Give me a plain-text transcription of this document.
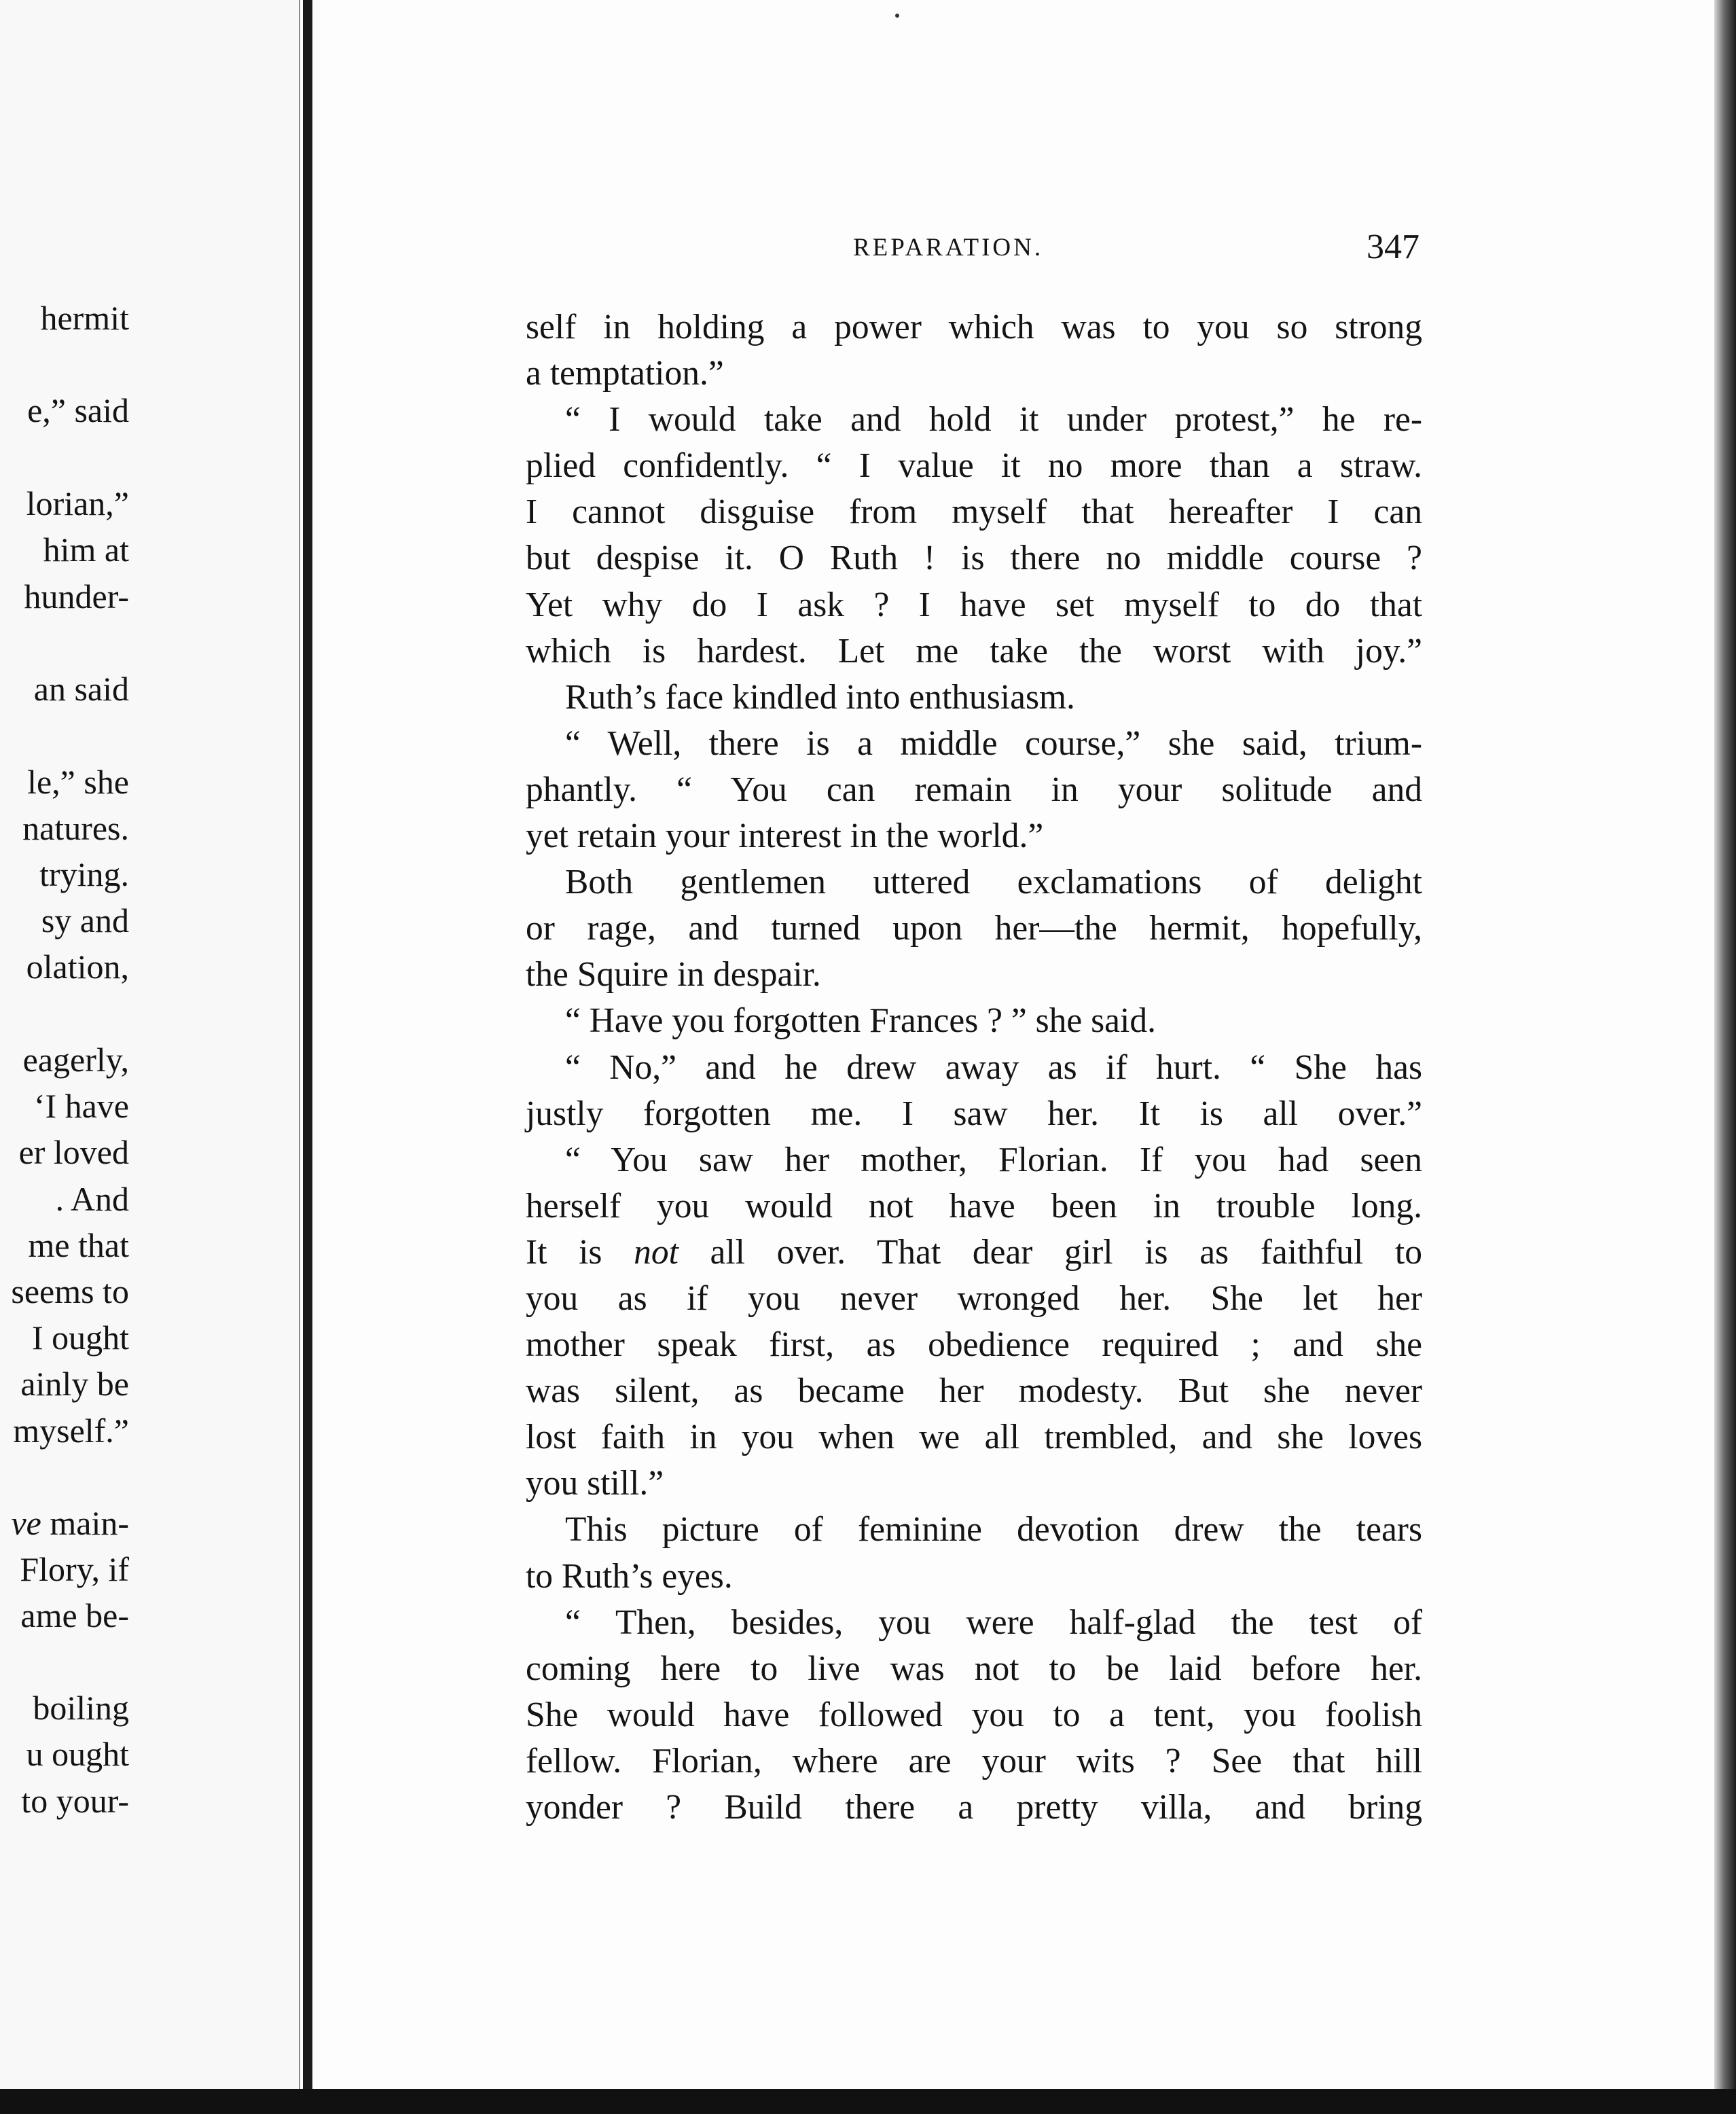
hermit
e,” said
lorian,”
him at
hunder-
an said
le,” she
natures.
trying.
sy and
olation,
eagerly,
‘I have
er loved
. And
me that
seems to
I ought
ainly be
myself.”
ve main-
Flory, if
ame be-
boiling
u ought
to your-
REPARATION.	347
self in holding a power which was to you so strong
a temptation.”
“ I would take and hold it under protest,” he re-
plied confidently. “ I value it no more than a straw.
I cannot disguise from myself that hereafter I can
but despise it. O Ruth ! is there no middle course ?
Yet why do I ask ? I have set myself to do that
which is hardest. Let me take the worst with joy.”
Ruth’s face kindled into enthusiasm.
“ Well, there is a middle course,” she said, trium-
phantly. “ You can remain in your solitude and
yet retain your interest in the world.”
Both gentlemen uttered exclamations of delight
or rage, and turned upon her—the hermit, hopefully,
the Squire in despair.
“ Have you forgotten Frances ? ” she said.
“ No,” and he drew away as if hurt. “ She has
justly forgotten me. I saw her. It is all over.”
“ You saw her mother, Florian. If you had seen
herself you would not have been in trouble long.
It is not all over. That dear girl is as faithful to
you as if you never wronged her. She let her
mother speak first, as obedience required ; and she
was silent, as became her modesty. But she never
lost faith in you when we all trembled, and she loves
you still.”
This picture of feminine devotion drew the tears
to Ruth’s eyes.
“ Then, besides, you were half-glad the test of
coming here to live was not to be laid before her.
She would have followed you to a tent, you foolish
fellow. Florian, where are your wits ? See that hill
yonder ? Build there a pretty villa, and bring
